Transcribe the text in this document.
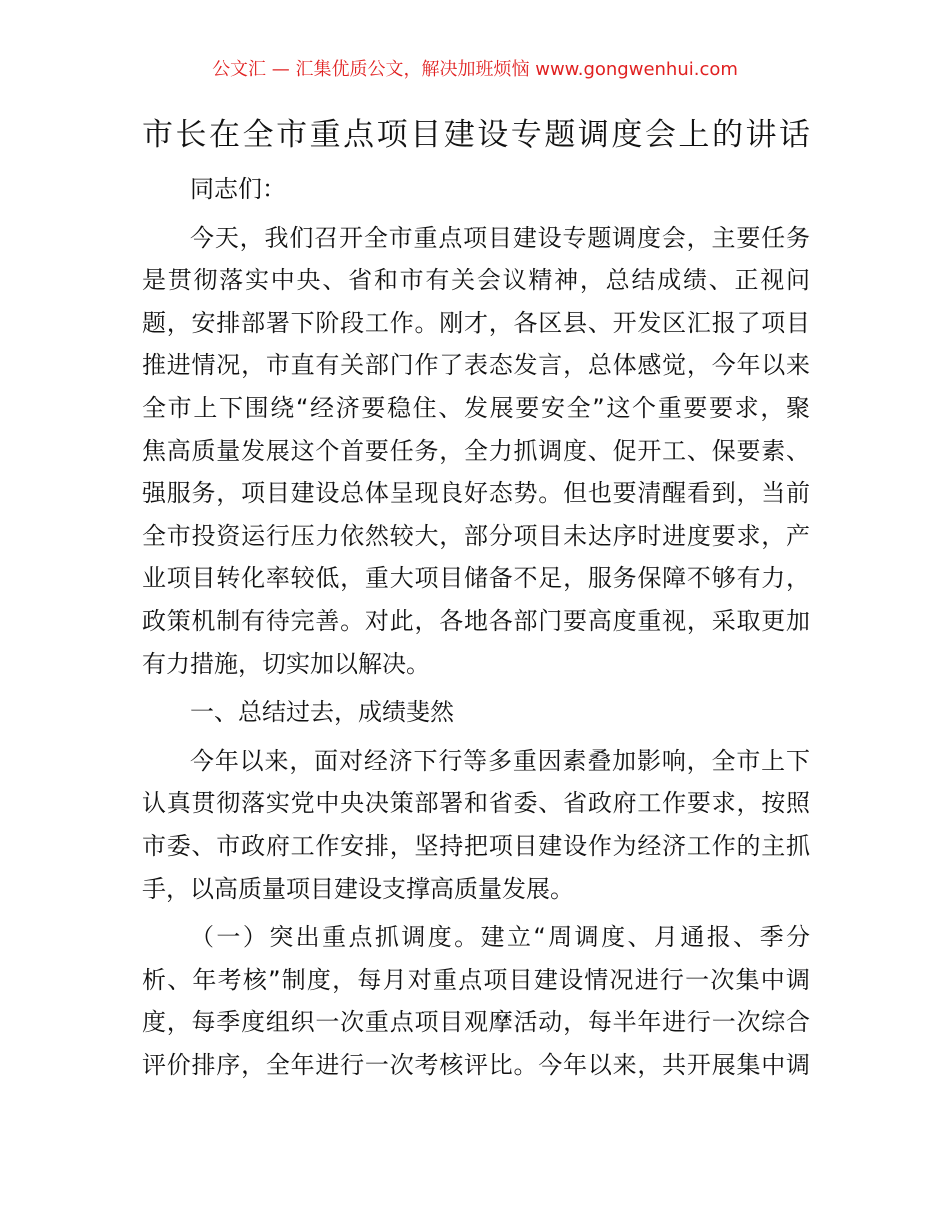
公文汇 — 汇集优质公文，解决加班烦恼 www.gongwenhui.com
市长在全市重点项目建设专题调度会上的讲话
同志们：
今天，我们召开全市重点项目建设专题调度会，主要任务
是贯彻落实中央、省和市有关会议精神，总结成绩、正视问
题，安排部署下阶段工作。刚才，各区县、开发区汇报了项目
推进情况，市直有关部门作了表态发言，总体感觉，今年以来
全市上下围绕“经济要稳住、发展要安全”这个重要要求，聚
焦高质量发展这个首要任务，全力抓调度、促开工、保要素、
强服务，项目建设总体呈现良好态势。但也要清醒看到，当前
全市投资运行压力依然较大，部分项目未达序时进度要求，产
业项目转化率较低，重大项目储备不足，服务保障不够有力，
政策机制有待完善。对此，各地各部门要高度重视，采取更加
有力措施，切实加以解决。
一、总结过去，成绩斐然
今年以来，面对经济下行等多重因素叠加影响，全市上下
认真贯彻落实党中央决策部署和省委、省政府工作要求，按照
市委、市政府工作安排，坚持把项目建设作为经济工作的主抓
手，以高质量项目建设支撑高质量发展。
（一）突出重点抓调度。建立“周调度、月通报、季分
析、年考核”制度，每月对重点项目建设情况进行一次集中调
度，每季度组织一次重点项目观摩活动，每半年进行一次综合
评价排序，全年进行一次考核评比。今年以来，共开展集中调
